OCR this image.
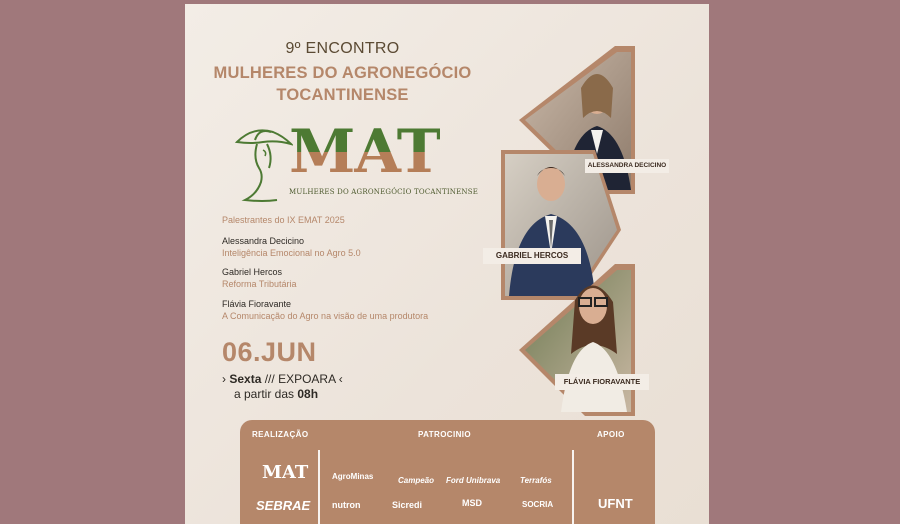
9º ENCONTRO
MULHERES DO AGRONEGÓCIO
TOCANTINENSE
MAT
MULHERES DO AGRONEGÓCIO TOCANTINENSE
Palestrantes do IX EMAT 2025
Alessandra Decicino
Inteligência Emocional no Agro 5.0
Gabriel Hercos
Reforma Tributária
Flávia Fioravante
A Comunicação do Agro na visão de uma produtora
06.JUN
› Sexta /// EXPOARA ‹
a partir das 08h
ALESSANDRA DECICINO
GABRIEL HERCOS
FLÁVIA FIORAVANTE
REALIZAÇÃO	PATROCINIO	APOIO
MAT
SEBRAE
AgroMinas	Campeão Ford Unibrava Terrafós
nutron	Sicredi	MSD	SOCRIA	UFNT
